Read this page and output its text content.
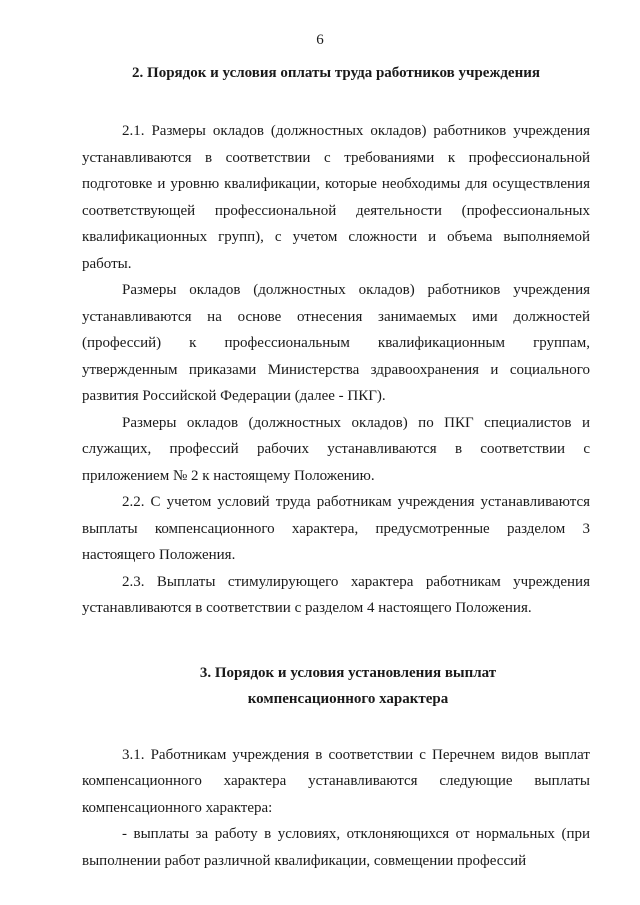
6
2. Порядок и условия оплаты труда работников учреждения

2.1. Размеры окладов (должностных окладов) работников учреждения устанавливаются в соответствии с требованиями к профессиональной подготовке и уровню квалификации, которые необходимы для осуществления соответствующей профессиональной деятельности (профессиональных квалификационных групп), с учетом сложности и объема выполняемой работы.

Размеры окладов (должностных окладов) работников учреждения устанавливаются на основе отнесения занимаемых ими должностей (профессий) к профессиональным квалификационным группам, утвержденным приказами Министерства здравоохранения и социального развития Российской Федерации (далее - ПКГ).

Размеры окладов (должностных окладов) по ПКГ специалистов и служащих, профессий рабочих устанавливаются в соответствии с приложением № 2 к настоящему Положению.

2.2. С учетом условий труда работникам учреждения устанавливаются выплаты компенсационного характера, предусмотренные разделом 3 настоящего Положения.

2.3. Выплаты стимулирующего характера работникам учреждения устанавливаются в соответствии с разделом 4 настоящего Положения.

3. Порядок и условия установления выплат
компенсационного характера

3.1. Работникам учреждения в соответствии с Перечнем видов выплат компенсационного характера устанавливаются следующие выплаты компенсационного характера:

- выплаты за работу в условиях, отклоняющихся от нормальных (при выполнении работ различной квалификации, совмещении профессий
